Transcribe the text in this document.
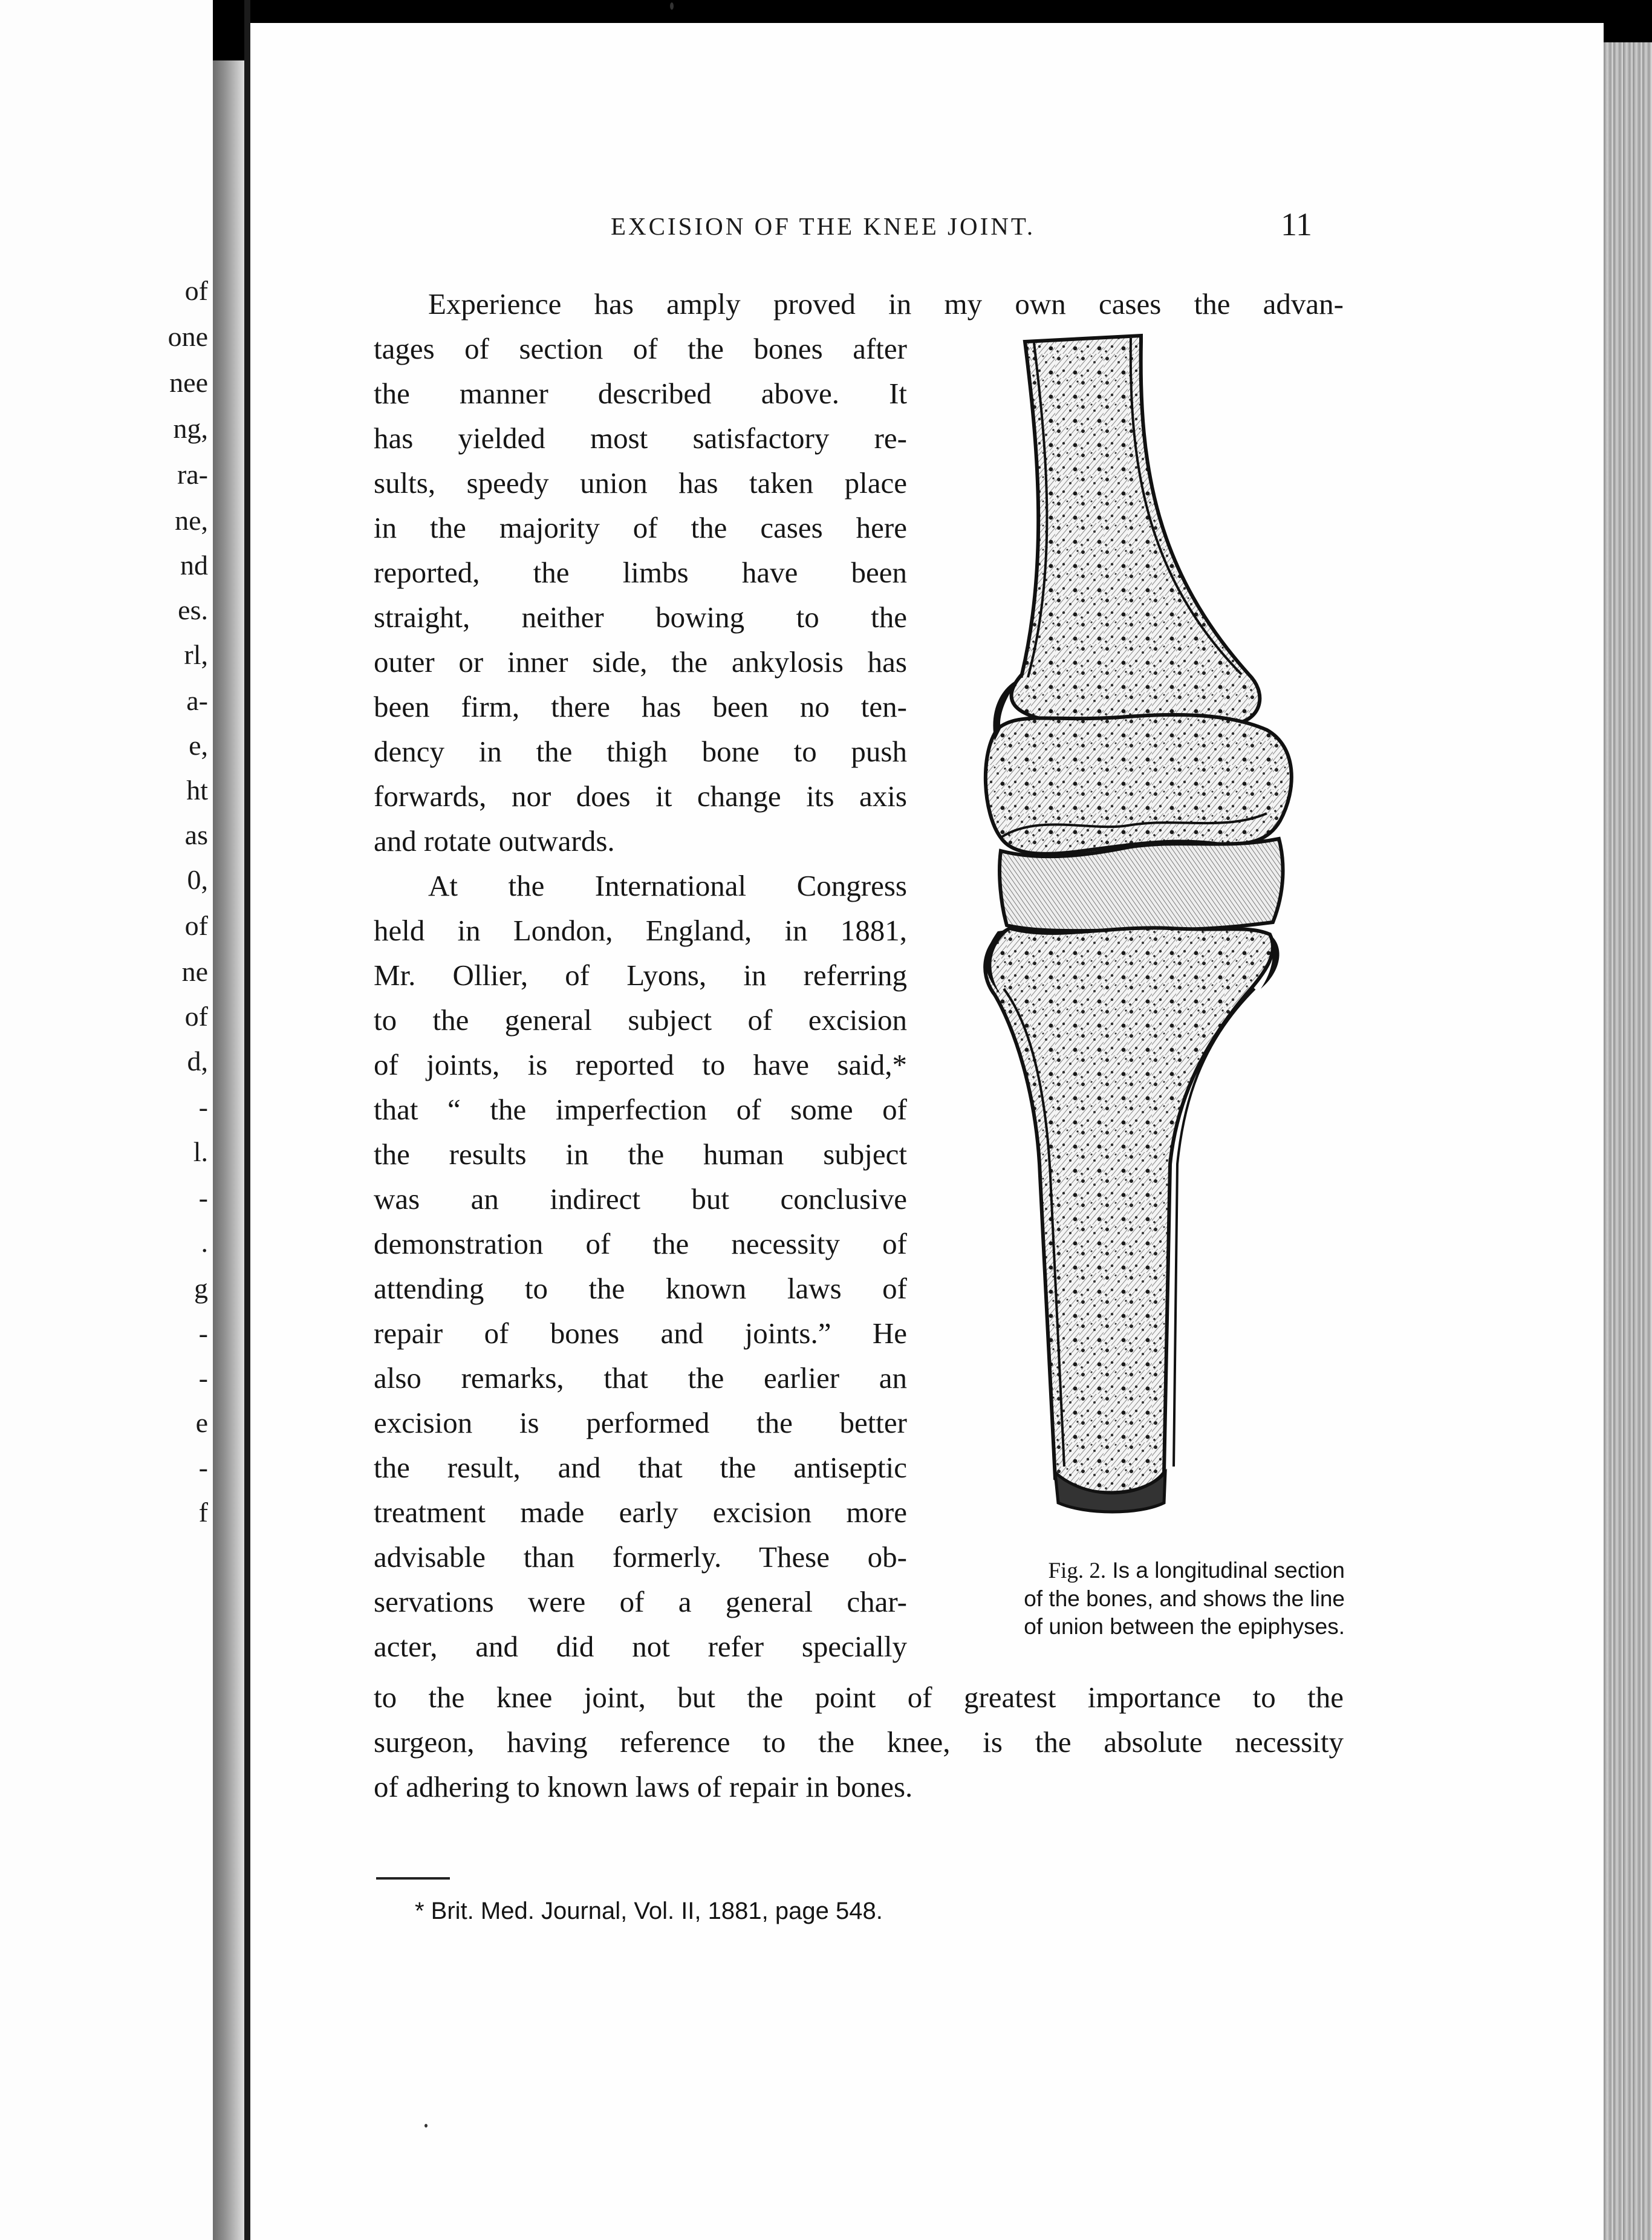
of
one
nee
ng,
ra-
ne,
nd
es.
rl,
a-
e,
ht
as
0,
of
ne
of
d,
-
l.
-
.
g
-
-
e
-
f
EXCISION OF THE KNEE JOINT.	11
Experience has amply proved in my own cases the advan-
tages of section of the bones after
the manner described above. It
has yielded most satisfactory re-
sults, speedy union has taken place
in the majority of the cases here
reported, the limbs have been
straight, neither bowing to the
outer or inner side, the ankylosis has
been firm, there has been no ten-
dency in the thigh bone to push
forwards, nor does it change its axis
and rotate outwards.
At the International Congress
held in London, England, in 1881,
Mr. Ollier, of Lyons, in referring
to the general subject of excision
of joints, is reported to have said,*
that “ the imperfection of some of
the results in the human subject
was an indirect but conclusive
demonstration of the necessity of
attending to the known laws of
repair of bones and joints.” He
also remarks, that the earlier an
excision is performed the better
the result, and that the antiseptic
treatment made early excision more
advisable than formerly. These ob-
servations were of a general char-
acter, and did not refer specially
to the knee joint, but the point of greatest importance to the
surgeon, having reference to the knee, is the absolute necessity
of adhering to known laws of repair in bones.
Fig. 2. Is a longitudinal section
of the bones, and shows the line
of union between the epiphyses.
* Brit. Med. Journal, Vol. II, 1881, page 548.
